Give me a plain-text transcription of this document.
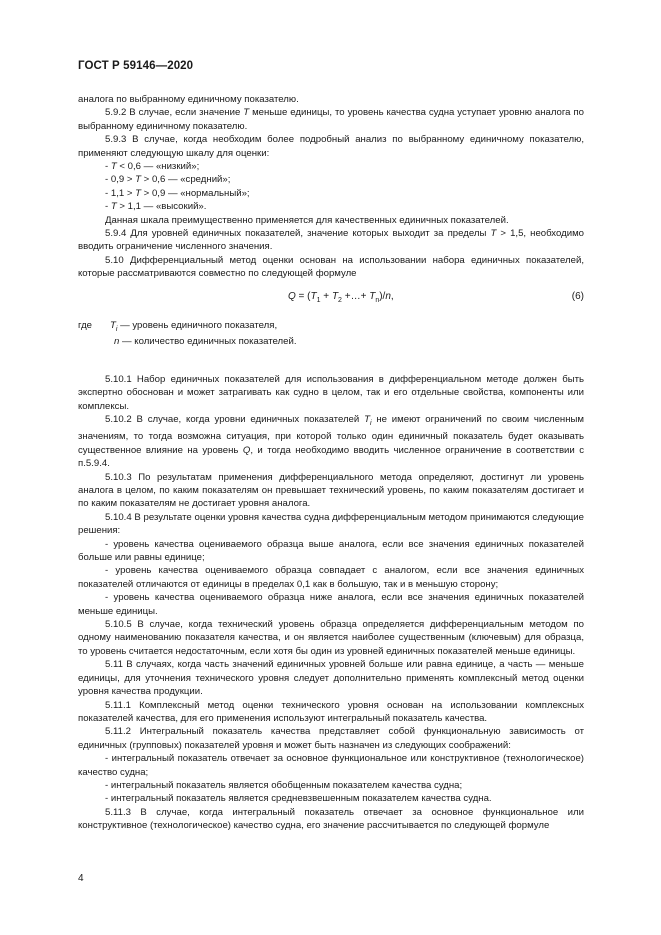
ГОСТ Р 59146—2020

аналога по выбранному единичному показателю.

5.9.2 В случае, если значение T меньше единицы, то уровень качества судна уступает уровню аналога по выбранному единичному показателю.

5.9.3 В случае, когда необходим более подробный анализ по выбранному единичному показателю, применяют следующую шкалу для оценки:

- T < 0,6 — «низкий»;

- 0,9 > T > 0,6 — «средний»;

- 1,1 > T > 0,9 — «нормальный»;

- T > 1,1 — «высокий».

Данная шкала преимущественно применяется для качественных единичных показателей.

5.9.4 Для уровней единичных показателей, значение которых выходит за пределы T > 1,5, необходимо вводить ограничение численного значения.

5.10 Дифференциальный метод оценки основан на использовании набора единичных показателей, которые рассматриваются совместно по следующей формуле

$Q = (T_1 + T_2$ +…+ $T_n)/n$,	(6)
где $T_i$ — уровень единичного показателя,
n — количество единичных показателей.

5.10.1 Набор единичных показателей для использования в дифференциальном методе должен быть экспертно обоснован и может затрагивать как судно в целом, так и его отдельные свойства, компоненты или комплексы.

5.10.2 В случае, когда уровни единичных показателей $T_i$ не имеют ограничений по своим численным значениям, то тогда возможна ситуация, при которой только один единичный показатель будет оказывать существенное влияние на уровень Q, и тогда необходимо вводить численное ограничение в соответствии с п.5.9.4.

5.10.3 По результатам применения дифференциального метода определяют, достигнут ли уровень аналога в целом, по каким показателям он превышает технический уровень, по каким показателям достигает и по каким показателям не достигает уровня аналога.

5.10.4 В результате оценки уровня качества судна дифференциальным методом принимаются следующие решения:

- уровень качества оцениваемого образца выше аналога, если все значения единичных показателей больше или равны единице;

- уровень качества оцениваемого образца совпадает с аналогом, если все значения единичных показателей отличаются от единицы в пределах 0,1 как в большую, так и в меньшую сторону;

- уровень качества оцениваемого образца ниже аналога, если все значения единичных показателей меньше единицы.

5.10.5 В случае, когда технический уровень образца определяется дифференциальным методом по одному наименованию показателя качества, и он является наиболее существенным (ключевым) для образца, то уровень считается недостаточным, если хотя бы один из уровней единичных показателей меньше единицы.

5.11 В случаях, когда часть значений единичных уровней больше или равна единице, а часть — меньше единицы, для уточнения технического уровня следует дополнительно применять комплексный метод оценки уровня качества продукции.

5.11.1 Комплексный метод оценки технического уровня основан на использовании комплексных показателей качества, для его применения используют интегральный показатель качества.

5.11.2 Интегральный показатель качества представляет собой функциональную зависимость от единичных (групповых) показателей уровня и может быть назначен из следующих соображений:

- интегральный показатель отвечает за основное функциональное или конструктивное (технологическое) качество судна;

- интегральный показатель является обобщенным показателем качества судна;

- интегральный показатель является средневзвешенным показателем качества судна.

5.11.3 В случае, когда интегральный показатель отвечает за основное функциональное или конструктивное (технологическое) качество судна, его значение рассчитывается по следующей формуле

4
